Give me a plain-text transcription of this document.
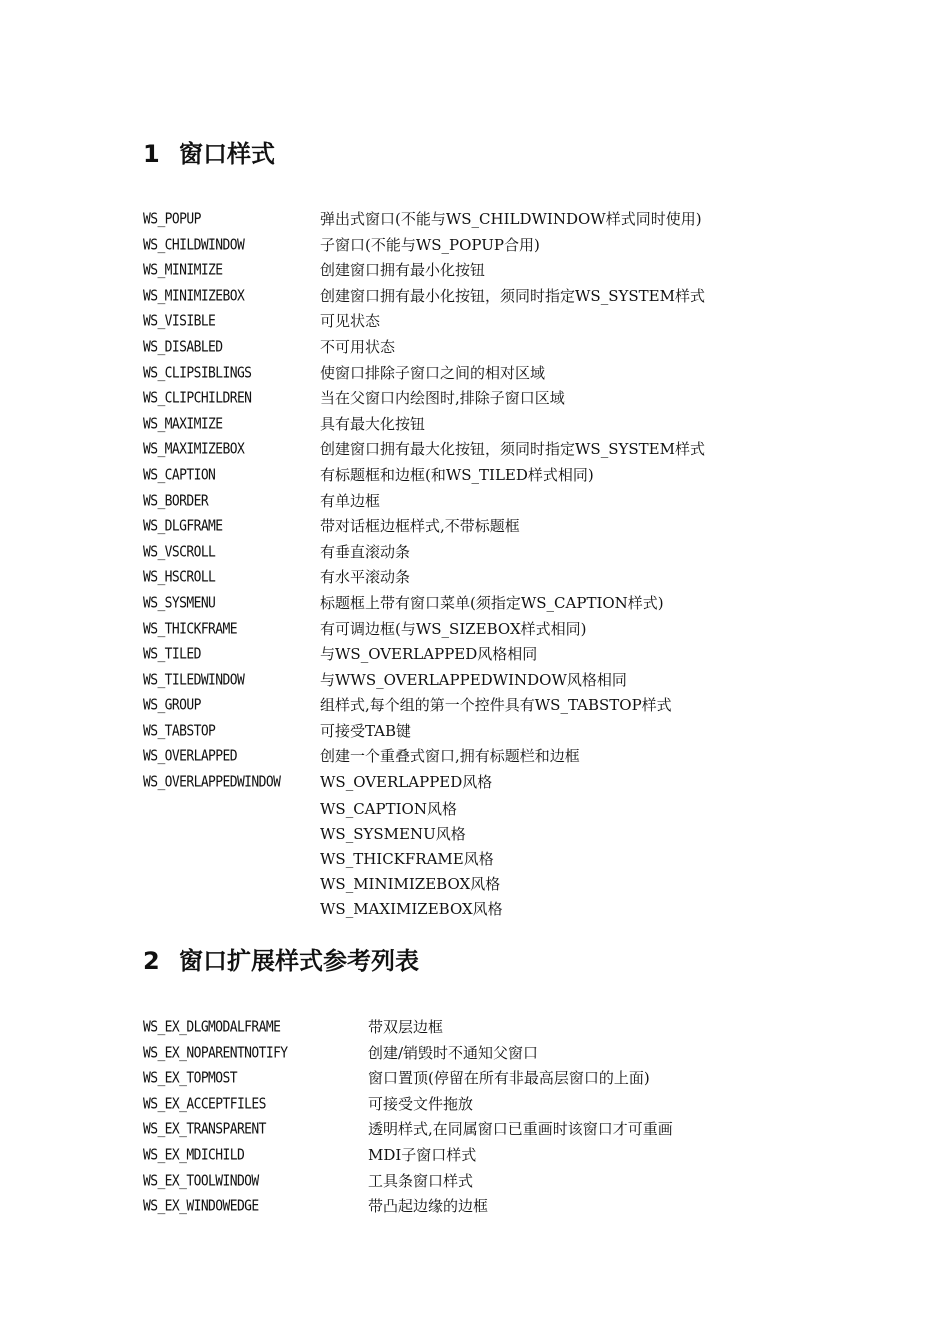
1 窗口样式
WS_POPUP	弹出式窗口(不能与WS_CHILDWINDOW样式同时使用)
WS_CHILDWINDOW	子窗口(不能与WS_POPUP合用)
WS_MINIMIZE	创建窗口拥有最小化按钮
WS_MINIMIZEBOX	创建窗口拥有最小化按钮，须同时指定WS_SYSTEM样式
WS_VISIBLE	可见状态
WS_DISABLED	不可用状态
WS_CLIPSIBLINGS	使窗口排除子窗口之间的相对区域
WS_CLIPCHILDREN	当在父窗口内绘图时,排除子窗口区域
WS_MAXIMIZE	具有最大化按钮
WS_MAXIMIZEBOX	创建窗口拥有最大化按钮，须同时指定WS_SYSTEM样式
WS_CAPTION	有标题框和边框(和WS_TILED样式相同)
WS_BORDER	有单边框
WS_DLGFRAME	带对话框边框样式,不带标题框
WS_VSCROLL	有垂直滚动条
WS_HSCROLL	有水平滚动条
WS_SYSMENU	标题框上带有窗口菜单(须指定WS_CAPTION样式)
WS_THICKFRAME	有可调边框(与WS_SIZEBOX样式相同)
WS_TILED	与WS_OVERLAPPED风格相同
WS_TILEDWINDOW	与WWS_OVERLAPPEDWINDOW风格相同
WS_GROUP	组样式,每个组的第一个控件具有WS_TABSTOP样式
WS_TABSTOP	可接受TAB键
WS_OVERLAPPED	创建一个重叠式窗口,拥有标题栏和边框
WS_OVERLAPPEDWINDOW	WS_OVERLAPPED风格
WS_CAPTION风格
WS_SYSMENU风格
WS_THICKFRAME风格
WS_MINIMIZEBOX风格
WS_MAXIMIZEBOX风格
2 窗口扩展样式参考列表
WS_EX_DLGMODALFRAME	带双层边框
WS_EX_NOPARENTNOTIFY	创建/销毁时不通知父窗口
WS_EX_TOPMOST	窗口置顶(停留在所有非最高层窗口的上面)
WS_EX_ACCEPTFILES	可接受文件拖放
WS_EX_TRANSPARENT	透明样式,在同属窗口已重画时该窗口才可重画
WS_EX_MDICHILD	MDI子窗口样式
WS_EX_TOOLWINDOW	工具条窗口样式
WS_EX_WINDOWEDGE	带凸起边缘的边框
